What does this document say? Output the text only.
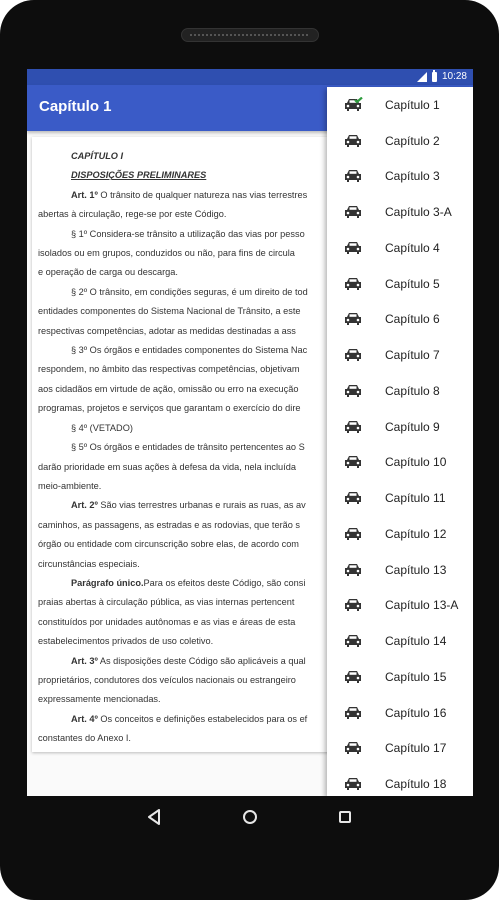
10:28
Capítulo 1

CAPÍTULO I

DISPOSIÇÕES PRELIMINARES

Art. 1º O trânsito de qualquer natureza nas vias terrestres

abertas à circulação, rege-se por este Código.

§ 1º Considera-se trânsito a utilização das vias por pesso

isolados ou em grupos, conduzidos ou não, para fins de circula

e operação de carga ou descarga.

§ 2º O trânsito, em condições seguras, é um direito de tod

entidades componentes do Sistema Nacional de Trânsito, a este

respectivas competências, adotar as medidas destinadas a ass

§ 3º Os órgãos e entidades componentes do Sistema Nac

respondem, no âmbito das respectivas competências, objetivam

aos cidadãos em virtude de ação, omissão ou erro na execução

programas, projetos e serviços que garantam o exercício do dire

§ 4º (VETADO)

§ 5º Os órgãos e entidades de trânsito pertencentes ao S

darão prioridade em suas ações à defesa da vida, nela incluída

meio-ambiente.

Art. 2º São vias terrestres urbanas e rurais as ruas, as av

caminhos, as passagens, as estradas e as rodovias, que terão s

órgão ou entidade com circunscrição sobre elas, de acordo com

circunstâncias especiais.

Parágrafo único.Para os efeitos deste Código, são consi

praias abertas à circulação pública, as vias internas pertencent

constituídos por unidades autônomas e as vias e áreas de esta

estabelecimentos privados de uso coletivo.

Art. 3º As disposições deste Código são aplicáveis a qual

proprietários, condutores dos veículos nacionais ou estrangeiro

expressamente mencionadas.

Art. 4º Os conceitos e definições estabelecidos para os ef

constantes do Anexo I.

Capítulo 1
Capítulo 2
Capítulo 3
Capítulo 3-A
Capítulo 4
Capítulo 5
Capítulo 6
Capítulo 7
Capítulo 8
Capítulo 9
Capítulo 10
Capítulo 11
Capítulo 12
Capítulo 13
Capítulo 13-A
Capítulo 14
Capítulo 15
Capítulo 16
Capítulo 17
Capítulo 18
